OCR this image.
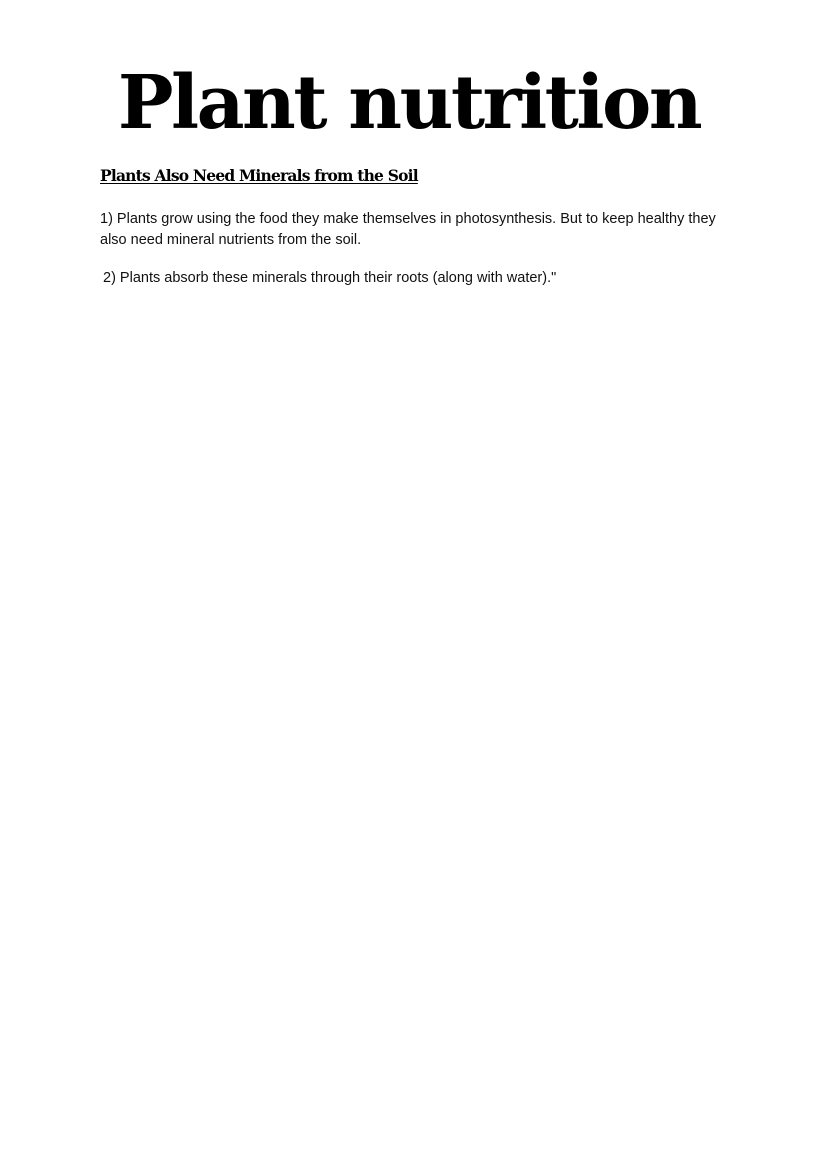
Plant nutrition
Plants Also Need Minerals from the Soil

1) Plants grow using the food they make themselves in photosynthesis. But to keep healthy they also need mineral nutrients from the soil.

2) Plants absorb these minerals through their roots (along with water)."
